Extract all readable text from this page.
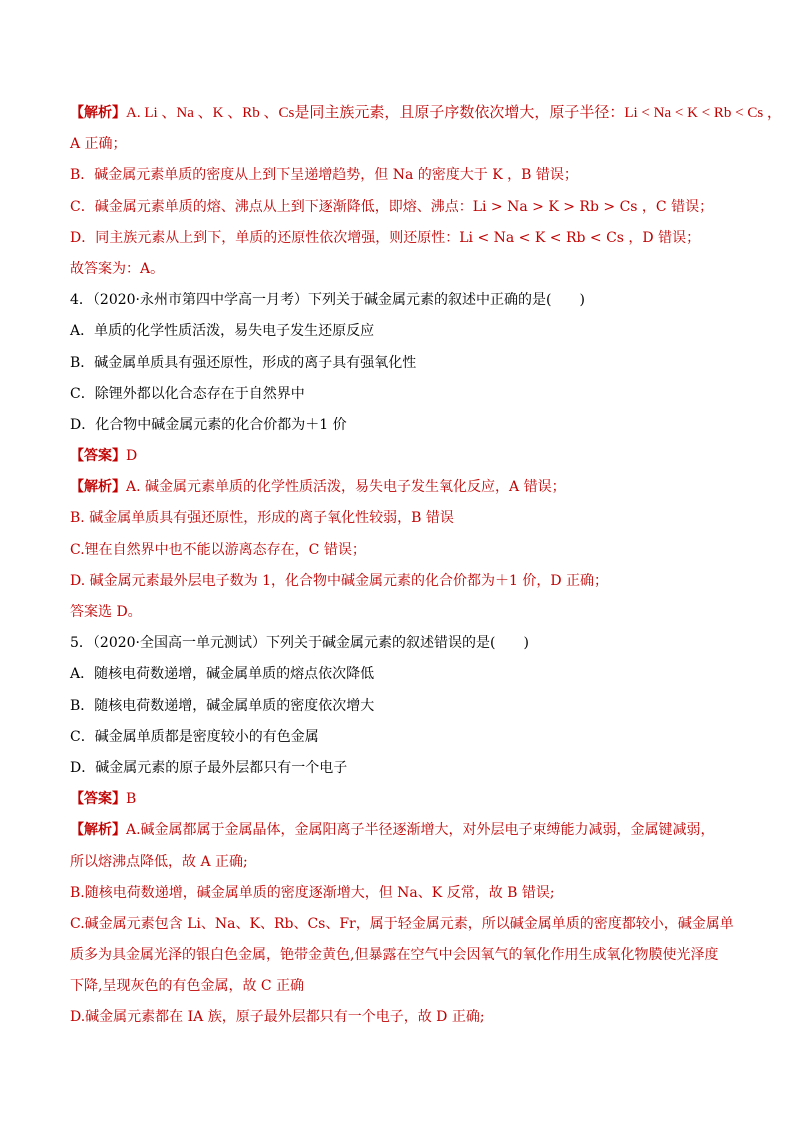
【解析】A. Li 、Na 、K 、Rb 、Cs是同主族元素，且原子序数依次增大，原子半径：Li < Na < K < Rb < Cs ，
A 正确；
B．碱金属元素单质的密度从上到下呈递增趋势，但 Na 的密度大于 K ，B 错误；
C．碱金属元素单质的熔、沸点从上到下逐渐降低，即熔、沸点：Li > Na > K > Rb > Cs ，C 错误；
D．同主族元素从上到下，单质的还原性依次增强，则还原性：Li < Na < K < Rb < Cs ，D 错误；
故答案为：A。
4．（2020·永州市第四中学高一月考）下列关于碱金属元素的叙述中正确的是(　　)
A．单质的化学性质活泼，易失电子发生还原反应
B．碱金属单质具有强还原性，形成的离子具有强氧化性
C．除锂外都以化合态存在于自然界中
D．化合物中碱金属元素的化合价都为＋1 价
【答案】D
【解析】A. 碱金属元素单质的化学性质活泼，易失电子发生氧化反应，A 错误；
B. 碱金属单质具有强还原性，形成的离子氧化性较弱，B 错误
C.锂在自然界中也不能以游离态存在，C 错误；
D. 碱金属元素最外层电子数为 1，化合物中碱金属元素的化合价都为＋1 价，D 正确；
答案选 D。
5．（2020·全国高一单元测试）下列关于碱金属元素的叙述错误的是(　　)
A．随核电荷数递增，碱金属单质的熔点依次降低
B．随核电荷数递增，碱金属单质的密度依次增大
C．碱金属单质都是密度较小的有色金属
D．碱金属元素的原子最外层都只有一个电子
【答案】B
【解析】A.碱金属都属于金属晶体，金属阳离子半径逐渐增大，对外层电子束缚能力减弱，金属键减弱，
所以熔沸点降低，故 A 正确;
B.随核电荷数递增，碱金属单质的密度逐渐增大，但 Na、K 反常，故 B 错误;
C.碱金属元素包含 Li、Na、K、Rb、Cs、Fr，属于轻金属元素，所以碱金属单质的密度都较小，碱金属单
质多为具金属光泽的银白色金属，铯带金黄色,但暴露在空气中会因氧气的氧化作用生成氧化物膜使光泽度
下降,呈现灰色的有色金属，故 C 正确
D.碱金属元素都在 IA 族，原子最外层都只有一个电子，故 D 正确;
